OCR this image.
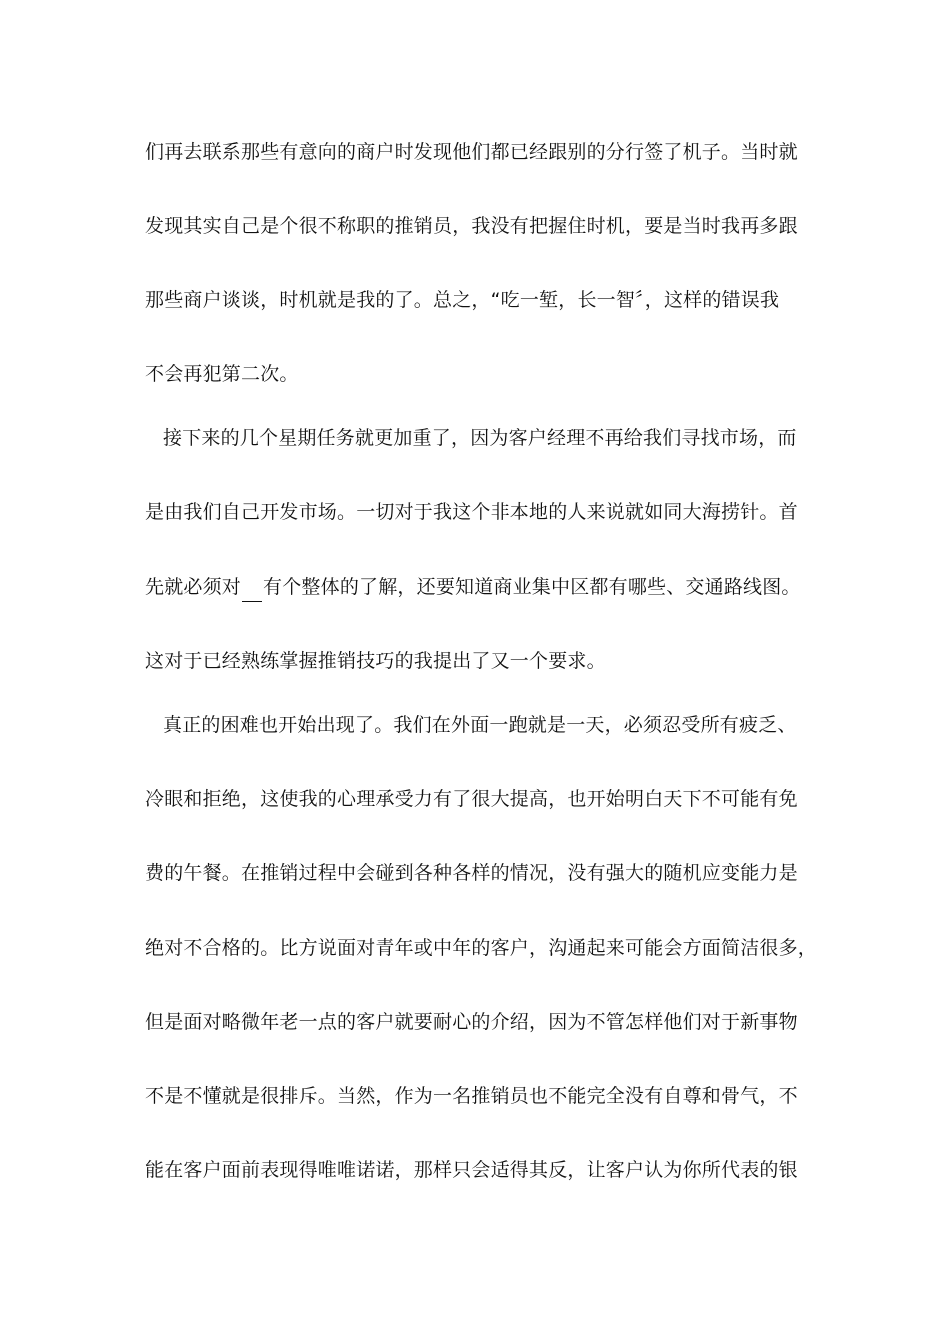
们再去联系那些有意向的商户时发现他们都已经跟别的分行签了机子。当时就
发现其实自己是个很不称职的推销员，我没有把握住时机，要是当时我再多跟
那些商户谈谈，时机就是我的了。总之，“吃一堑，长一智〞，这样的错误我
不会再犯第二次。
接下来的几个星期任务就更加重了，因为客户经理不再给我们寻找市场，而
是由我们自己开发市场。一切对于我这个非本地的人来说就如同大海捞针。首
先就必须对 有个整体的了解，还要知道商业集中区都有哪些、交通路线图。
这对于已经熟练掌握推销技巧的我提出了又一个要求。
真正的困难也开始出现了。我们在外面一跑就是一天，必须忍受所有疲乏、
冷眼和拒绝，这使我的心理承受力有了很大提高，也开始明白天下不可能有免
费的午餐。在推销过程中会碰到各种各样的情况，没有强大的随机应变能力是
绝对不合格的。比方说面对青年或中年的客户，沟通起来可能会方面简洁很多，
但是面对略微年老一点的客户就要耐心的介绍，因为不管怎样他们对于新事物
不是不懂就是很排斥。当然，作为一名推销员也不能完全没有自尊和骨气，不
能在客户面前表现得唯唯诺诺，那样只会适得其反，让客户认为你所代表的银
